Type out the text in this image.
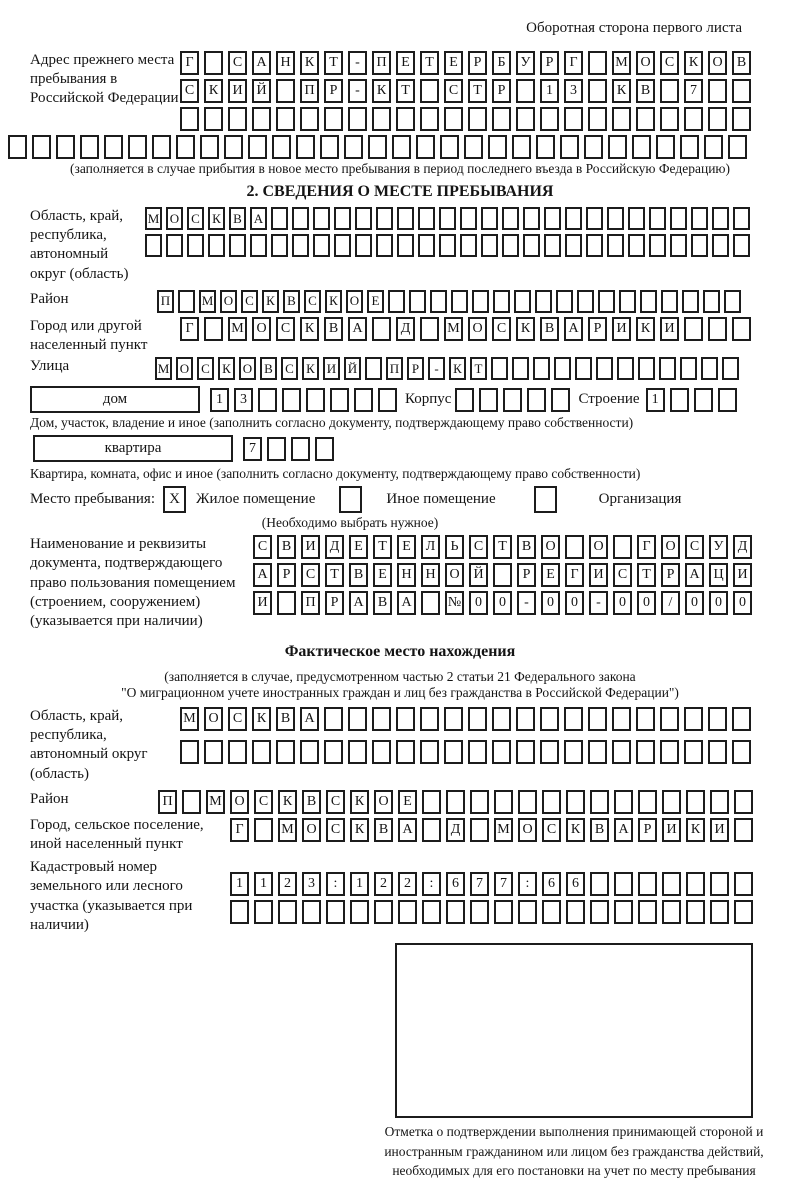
Оборотная сторона первого листа
Адрес прежнего места пребывания в Российской Федерации
Г	С	А Н	К	Т	-	П	Е	Т	Е	Р	Б	У	Р	Г	М О	С	К	О	В
С	К	И Й	П	Р	-	К	Т	С	Т	Р	1	3	К	В	7
(заполняется в случае прибытия в новое место пребывания в период последнего въезда в Российскую Федерацию)
2. СВЕДЕНИЯ О МЕСТЕ ПРЕБЫВАНИЯ
Область, край, республика, автономный округ (область)
М О С К В А
Район	П М О С К В С К О Е
Город или другой населенный пункт
Г	М О	С	К	В	А	Д	М О	С	К	В	А	Р	И	К	И
Улица	М О С К О В С К И Й	П Р	-	К Т
дом	1	3	Корпус	Строение 1
Дом, участок, владение и иное (заполнить согласно документу, подтверждающему право собственности)
квартира	7
Квартира, комната, офис и иное (заполнить согласно документу, подтверждающему право собственности)
Место пребывания: X	Жилое помещение	Иное помещение	Организация
(Необходимо выбрать нужное)
Наименование и реквизиты документа, подтверждающего право пользования помещением (строением, сооружением) (указывается при наличии)
С	В	И	Д	Е	Т	Е	Л	Ь	С	Т	В	О	О	Г	О	С	У	Д
А	Р	С	Т	В	Е	Н Н О Й	Р	Е	Г	И	С	Т	Р	А Ц И
И	П	Р	А	В	А	№ 0	0	-	0	0	-	0	0	/	0	0	0
Фактическое место нахождения
(заполняется в случае, предусмотренном частью 2 статьи 21 Федерального закона
"О миграционном учете иностранных граждан и лиц без гражданства в Российской Федерации")
Область, край, республика, автономный округ (область)
М О	С	К	В	А
Район	П	М О	С	К	В	С	К	О	Е
Город, сельское поселение, иной населенный пункт
Г	М О	С	К	В	А	Д	М О	С	К	В	А	Р	И	К	И
Кадастровый номер земельного или лесного участка (указывается при наличии)
1	1	2	3	:	1	2	2	:	6	7	7	:	6	6
Отметка о подтверждении выполнения принимающей стороной и иностранным гражданином или лицом без гражданства действий, необходимых для его постановки на учет по месту пребывания
